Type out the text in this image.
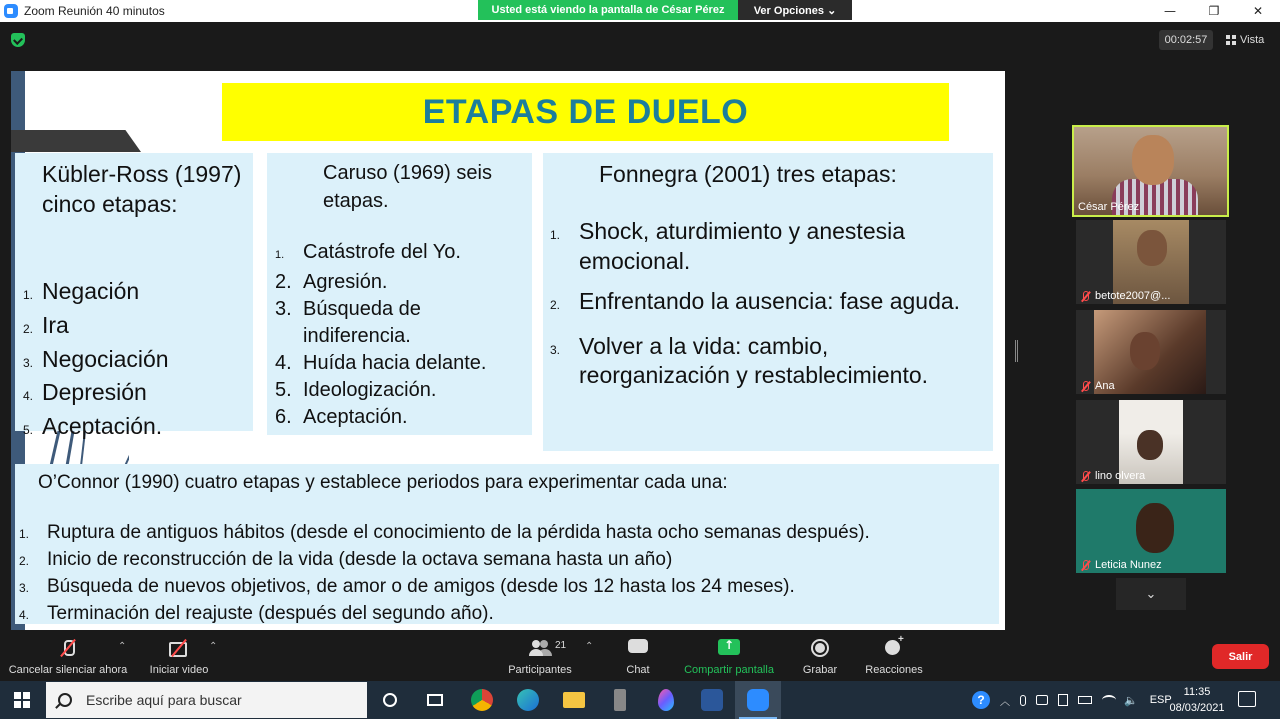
Zoom Reunión 40 minutos	—	❐	✕
Usted está viendo la pantalla de César Pérez	Ver Opciones ⌄
00:02:57	Vista
ETAPAS DE DUELO
Kübler-Ross (1997) cinco etapas:
1. Negación
2. Ira
3. Negociación
4. Depresión
5. Aceptación.
Caruso (1969) seis etapas.
1. Catástrofe del Yo.
2. Agresión.
3. Búsqueda de indiferencia.
4. Huída hacia delante.
5. Ideologización.
6. Aceptación.
Fonnegra (2001) tres etapas:
1. Shock, aturdimiento y anestesia emocional.
2. Enfrentando la ausencia: fase aguda.
3. Volver a la vida: cambio, reorganización y restablecimiento.
O’Connor (1990) cuatro etapas y establece periodos para experimentar cada una:
1. Ruptura de antiguos hábitos (desde el conocimiento de la pérdida hasta ocho semanas después).
2. Inicio de reconstrucción de la vida (desde la octava semana hasta un año)
3. Búsqueda de nuevos objetivos, de amor o de amigos (desde los 12 hasta los 24 meses).
4. Terminación del reajuste (después del segundo año).
César Pérez
betote2007@...
Ana
lino olvera
Leticia Nunez
⌄
Cancelar silenciar ahora
⌃
Iniciar video
⌃
Participantes
21 ⌃
Chat
↑	Compartir pantalla	Grabar
+	Reacciones
Salir
Escribe aquí para buscar	?	︿	🔈 ESP
11:35
08/03/2021
